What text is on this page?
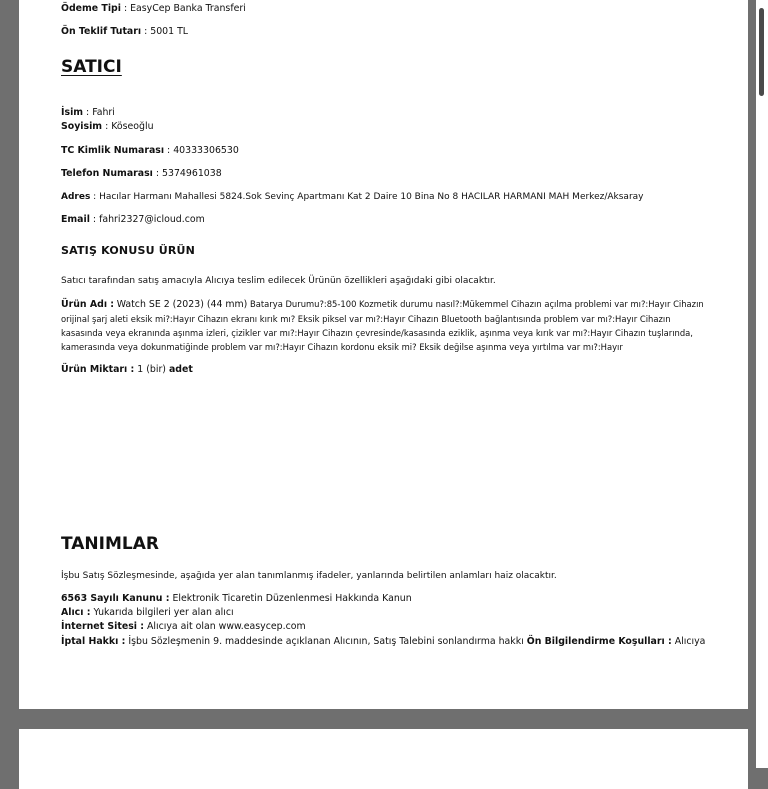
Ödeme Tipi : EasyCep Banka Transferi
Ön Teklif Tutarı : 5001 TL
SATICI
İsim : Fahri
Soyisim : Köseoğlu
TC Kimlik Numarası : 40333306530
Telefon Numarası : 5374961038
Adres : Hacılar Harmanı Mahallesi 5824.Sok Sevinç Apartmanı Kat 2 Daire 10 Bina No 8 HACILAR HARMANI MAH Merkez/Aksaray
Email : fahri2327@icloud.com
SATIŞ KONUSU ÜRÜN
Satıcı tarafından satış amacıyla Alıcıya teslim edilecek Ürünün özellikleri aşağıdaki gibi olacaktır.
Ürün Adı : Watch SE 2 (2023) (44 mm) Batarya Durumu?:85-100 Kozmetik durumu nasıl?:Mükemmel Cihazın açılma problemi var mı?:Hayır Cihazın orijinal şarj aleti eksik mi?:Hayır Cihazın ekranı kırık mı? Eksik piksel var mı?:Hayır Cihazın Bluetooth bağlantısında problem var mı?:Hayır Cihazın kasasında veya ekranında aşınma izleri, çizikler var mı?:Hayır Cihazın çevresinde/kasasında eziklik, aşınma veya kırık var mı?:Hayır Cihazın tuşlarında, kamerasında veya dokunmatiğinde problem var mı?:Hayır Cihazın kordonu eksik mi? Eksik değilse aşınma veya yırtılma var mı?:Hayır
Ürün Miktarı : 1 (bir) adet
TANIMLAR
İşbu Satış Sözleşmesinde, aşağıda yer alan tanımlanmış ifadeler, yanlarında belirtilen anlamları haiz olacaktır.
6563 Sayılı Kanunu : Elektronik Ticaretin Düzenlenmesi Hakkında Kanun
Alıcı : Yukarıda bilgileri yer alan alıcı
İnternet Sitesi : Alıcıya ait olan www.easycep.com
İptal Hakkı : İşbu Sözleşmenin 9. maddesinde açıklanan Alıcının, Satış Talebini sonlandırma hakkı Ön Bilgilendirme Koşulları : Alıcıya
